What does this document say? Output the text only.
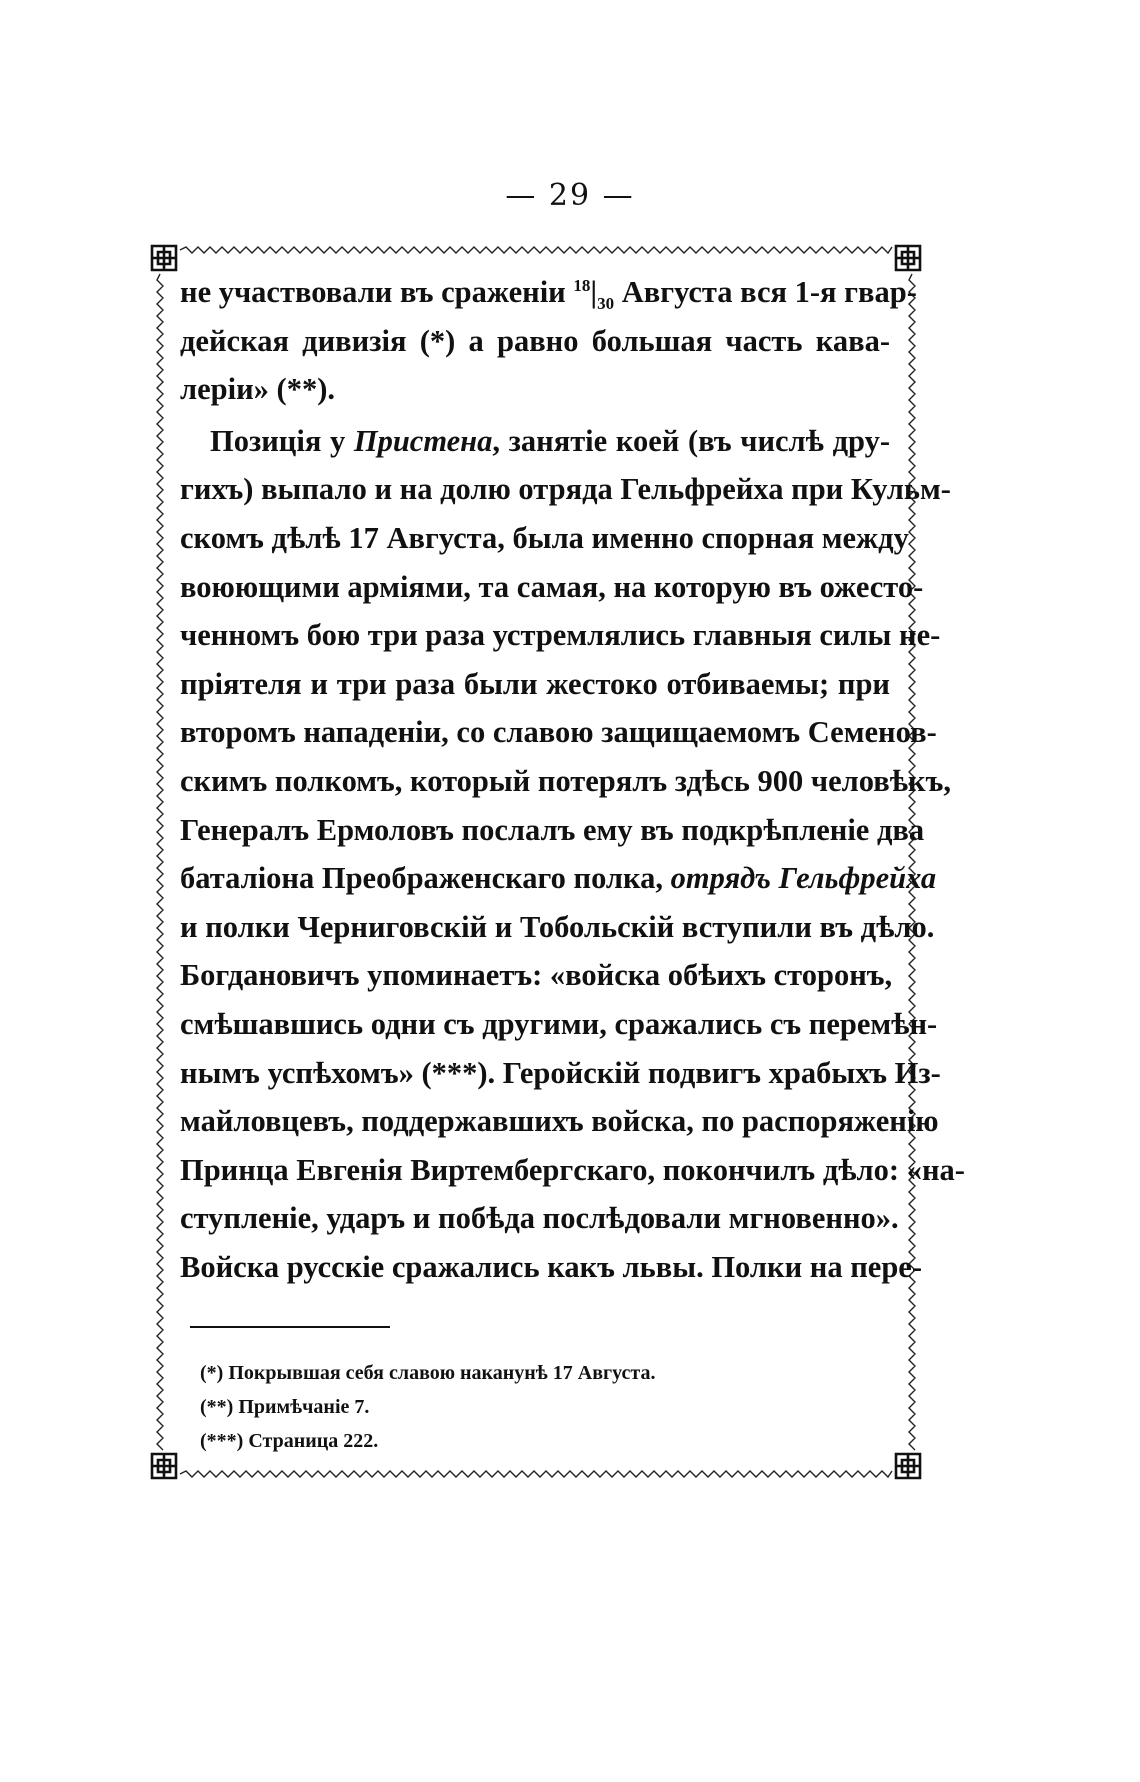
— 29 —
не участвовали въ сраженіи $^{18}|_{30}$ Августа вся 1-я гвар-
дейская дивизія (*) а равно большая часть кава-
леріи» (**).
Позиція у Пристена, занятіе коей (въ числѣ дру-
гихъ) выпало и на долю отряда Гельфрейха при Кульм-
скомъ дѣлѣ 17 Августа, была именно спорная между
воюющими арміями, та самая, на которую въ ожесто-
ченномъ бою три раза устремлялись главныя силы не-
пріятеля и три раза были жестоко отбиваемы; при
второмъ нападеніи, со славою защищаемомъ Семенов-
скимъ полкомъ, который потерялъ здѣсь 900 человѣкъ,
Генералъ Ермоловъ послалъ ему въ подкрѣпленіе два
баталіона Преображенскаго полка, отрядъ Гельфрейха
и полки Черниговскій и Тобольскій вступили въ дѣло.
Богдановичъ упоминаетъ: «войска обѣихъ сторонъ,
смѣшавшись одни съ другими, сражались съ перемѣн-
нымъ успѣхомъ» (***). Геройскій подвигъ храбыхъ Из-
майловцевъ, поддержавшихъ войска, по распоряженію
Принца Евгенія Виртембергскаго, покончилъ дѣло: «на-
ступленіе, ударъ и побѣда послѣдовали мгновенно».
Войска русскіе сражались какъ львы. Полки на пере-
(*) Покрывшая себя славою наканунѣ 17 Августа.
(**) Примѣчаніе 7.
(***) Страница 222.
